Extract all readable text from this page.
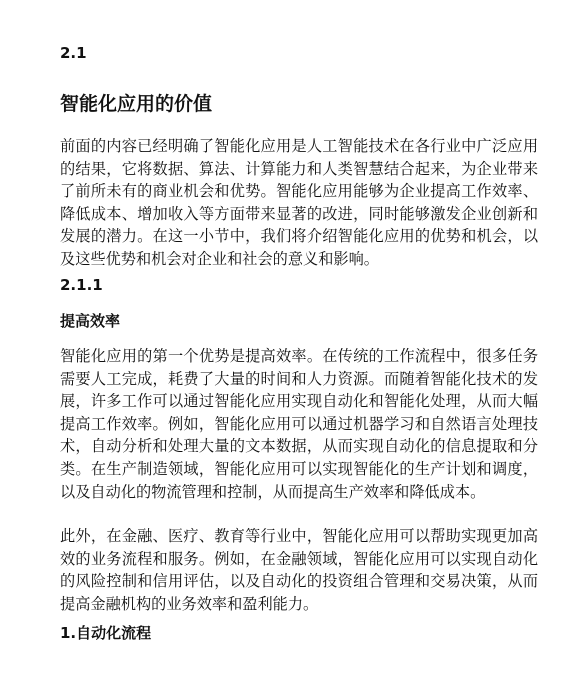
2.1
智能化应用的价值

前面的内容已经明确了智能化应用是人工智能技术在各行业中广泛应用的结果，它将数据、算法、计算能力和人类智慧结合起来，为企业带来了前所未有的商业机会和优势。智能化应用能够为企业提高工作效率、降低成本、增加收入等方面带来显著的改进，同时能够激发企业创新和发展的潜力。在这一小节中，我们将介绍智能化应用的优势和机会，以及这些优势和机会对企业和社会的意义和影响。

2.1.1
提高效率

智能化应用的第一个优势是提高效率。在传统的工作流程中，很多任务需要人工完成，耗费了大量的时间和人力资源。而随着智能化技术的发展，许多工作可以通过智能化应用实现自动化和智能化处理，从而大幅提高工作效率。例如，智能化应用可以通过机器学习和自然语言处理技术，自动分析和处理大量的文本数据，从而实现自动化的信息提取和分类。在生产制造领域，智能化应用可以实现智能化的生产计划和调度，以及自动化的物流管理和控制，从而提高生产效率和降低成本。

此外，在金融、医疗、教育等行业中，智能化应用可以帮助实现更加高效的业务流程和服务。例如，在金融领域，智能化应用可以实现自动化的风险控制和信用评估，以及自动化的投资组合管理和交易决策，从而提高金融机构的业务效率和盈利能力。

1.自动化流程
